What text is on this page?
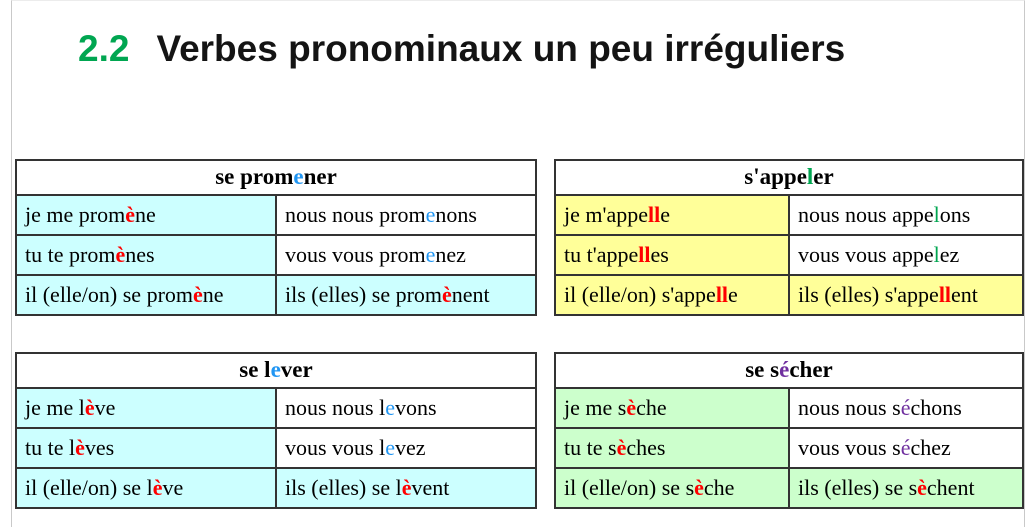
2.2 Verbes pronominaux un peu irréguliers
se promener	
je me promène	nous nous promenons
tu te promènes	vous vous promenez
il (elle/on) se promène	ils (elles) se promènent
s'appeler	
je m'appelle	nous nous appelons
tu t'appelles	vous vous appelez
il (elle/on) s'appelle	ils (elles) s'appellent
se lever	
je me lève	nous nous levons
tu te lèves	vous vous levez
il (elle/on) se lève	ils (elles) se lèvent
se sécher	
je me sèche	nous nous séchons
tu te sèches	vous vous séchez
il (elle/on) se sèche	ils (elles) se sèchent
